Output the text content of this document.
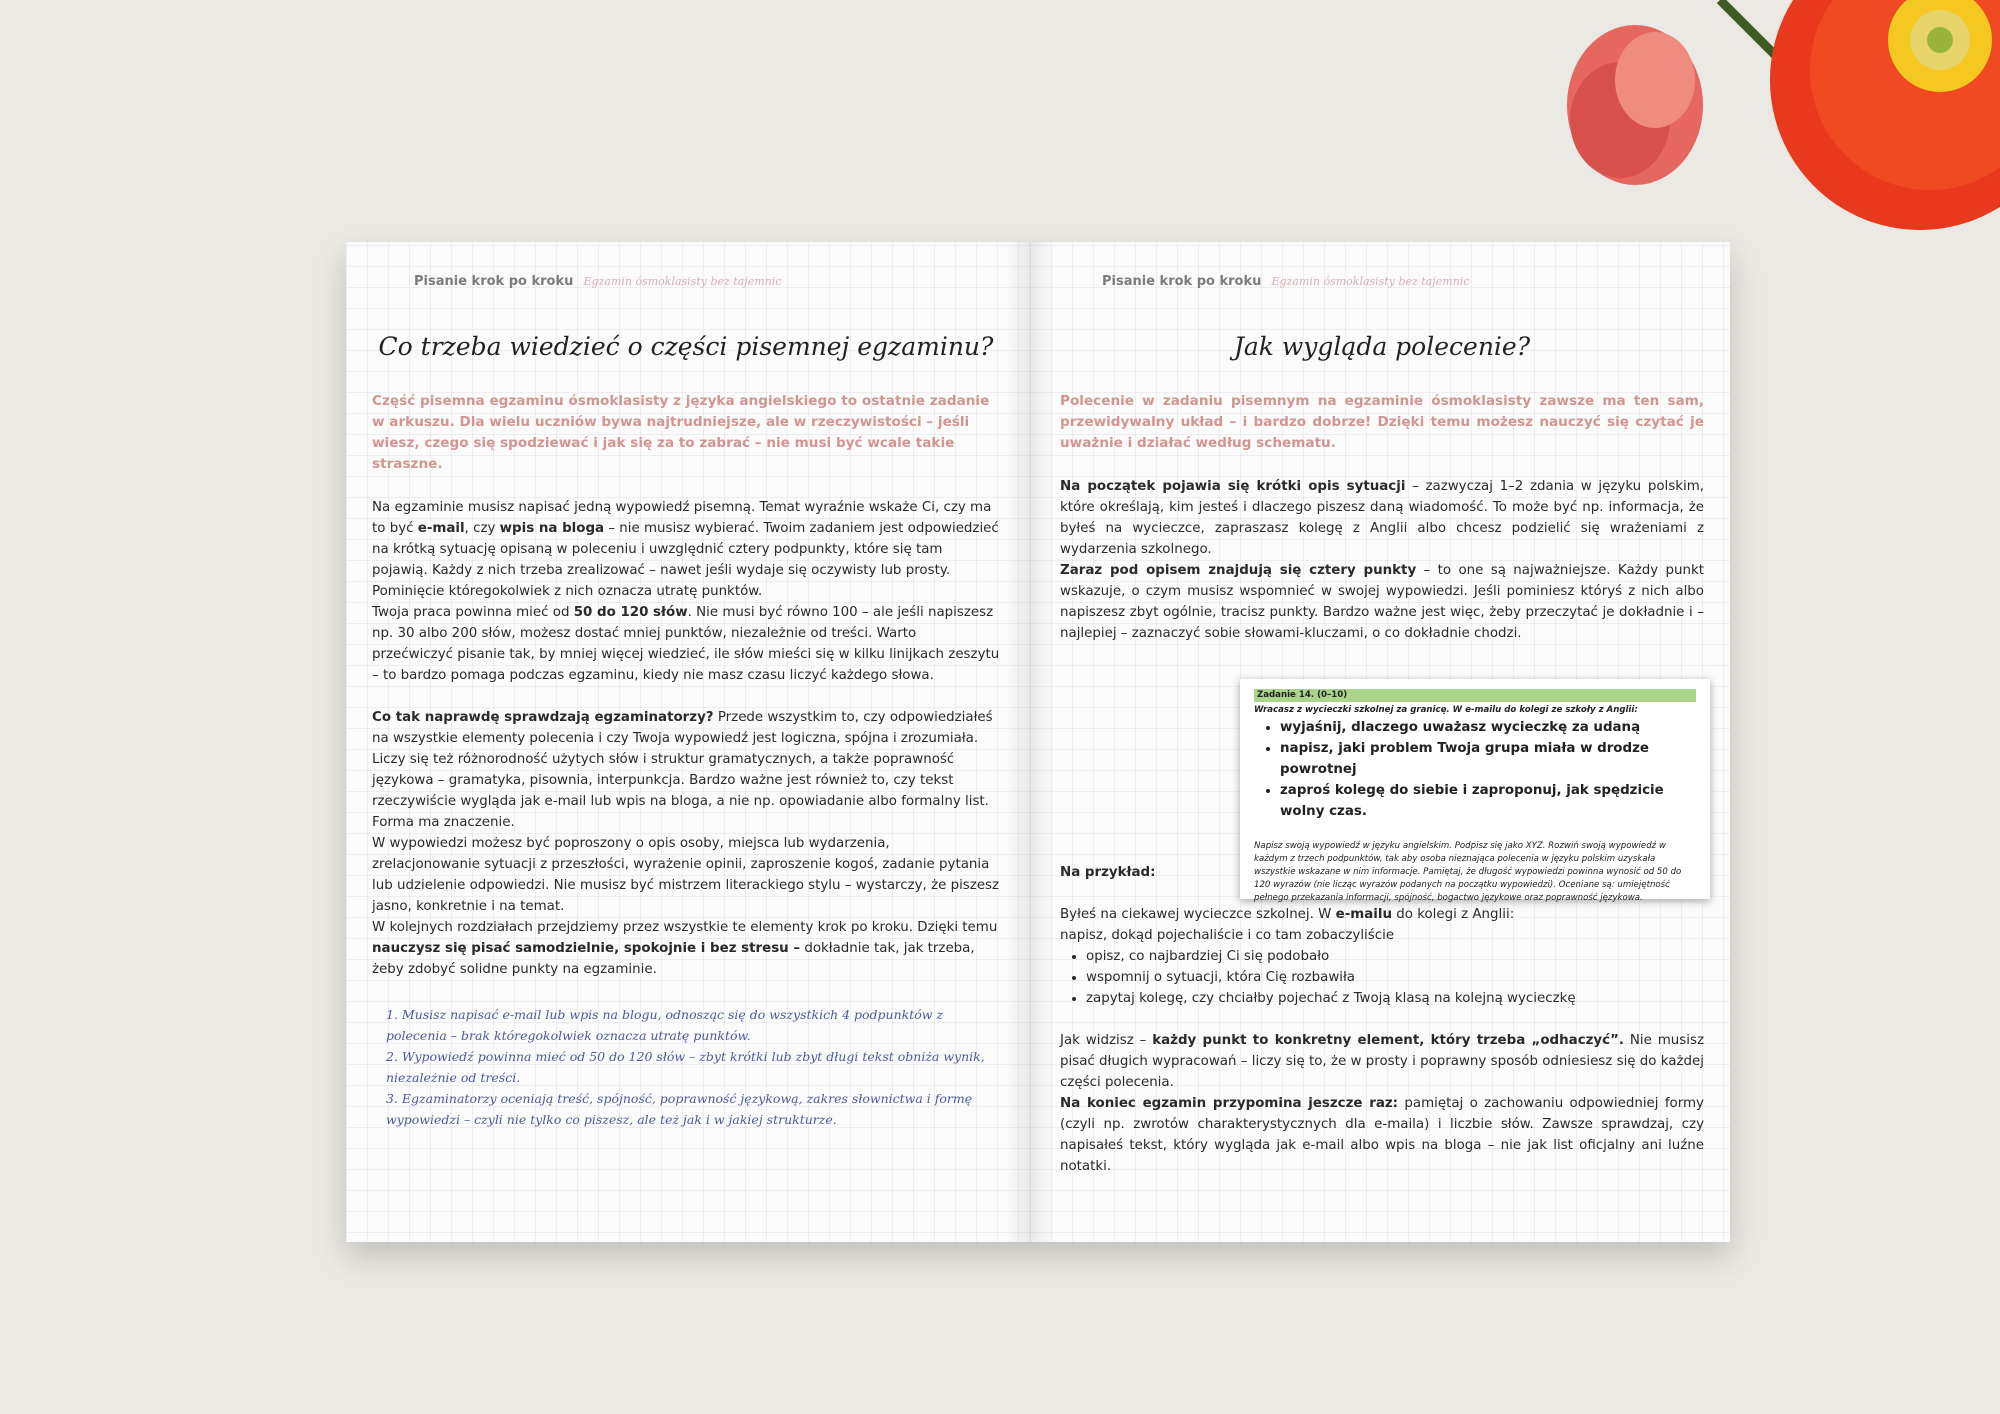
Pisanie krok po kroku Egzamin ósmoklasisty bez tajemnic
Co trzeba wiedzieć o części pisemnej egzaminu?

Część pisemna egzaminu ósmoklasisty z języka angielskiego to ostatnie zadanie w arkuszu. Dla wielu uczniów bywa najtrudniejsze, ale w rzeczywistości – jeśli wiesz, czego się spodziewać i jak się za to zabrać – nie musi być wcale takie straszne.

Na egzaminie musisz napisać jedną wypowiedź pisemną. Temat wyraźnie wskaże Ci, czy ma to być e-mail, czy wpis na bloga – nie musisz wybierać. Twoim zadaniem jest odpowiedzieć na krótką sytuację opisaną w poleceniu i uwzględnić cztery podpunkty, które się tam pojawią. Każdy z nich trzeba zrealizować – nawet jeśli wydaje się oczywisty lub prosty. Pominięcie któregokolwiek z nich oznacza utratę punktów.

Twoja praca powinna mieć od 50 do 120 słów. Nie musi być równo 100 – ale jeśli napiszesz np. 30 albo 200 słów, możesz dostać mniej punktów, niezależnie od treści. Warto przećwiczyć pisanie tak, by mniej więcej wiedzieć, ile słów mieści się w kilku linijkach zeszytu – to bardzo pomaga podczas egzaminu, kiedy nie masz czasu liczyć każdego słowa.

Co tak naprawdę sprawdzają egzaminatorzy? Przede wszystkim to, czy odpowiedziałeś na wszystkie elementy polecenia i czy Twoja wypowiedź jest logiczna, spójna i zrozumiała. Liczy się też różnorodność użytych słów i struktur gramatycznych, a także poprawność językowa – gramatyka, pisownia, interpunkcja. Bardzo ważne jest również to, czy tekst rzeczywiście wygląda jak e-mail lub wpis na bloga, a nie np. opowiadanie albo formalny list. Forma ma znaczenie.

W wypowiedzi możesz być poproszony o opis osoby, miejsca lub wydarzenia, zrelacjonowanie sytuacji z przeszłości, wyrażenie opinii, zaproszenie kogoś, zadanie pytania lub udzielenie odpowiedzi. Nie musisz być mistrzem literackiego stylu – wystarczy, że piszesz jasno, konkretnie i na temat.

W kolejnych rozdziałach przejdziemy przez wszystkie te elementy krok po kroku. Dzięki temu nauczysz się pisać samodzielnie, spokojnie i bez stresu – dokładnie tak, jak trzeba, żeby zdobyć solidne punkty na egzaminie.

1. Musisz napisać e-mail lub wpis na blogu, odnosząc się do wszystkich 4 podpunktów z polecenia – brak któregokolwiek oznacza utratę punktów.
2. Wypowiedź powinna mieć od 50 do 120 słów – zbyt krótki lub zbyt długi tekst obniża wynik, niezależnie od treści.
3. Egzaminatorzy oceniają treść, spójność, poprawność językową, zakres słownictwa i formę wypowiedzi – czyli nie tylko co piszesz, ale też jak i w jakiej strukturze.
Pisanie krok po kroku Egzamin ósmoklasisty bez tajemnic
Jak wygląda polecenie?

Polecenie w zadaniu pisemnym na egzaminie ósmoklasisty zawsze ma ten sam, przewidywalny układ – i bardzo dobrze! Dzięki temu możesz nauczyć się czytać je uważnie i działać według schematu.

Na początek pojawia się krótki opis sytuacji – zazwyczaj 1–2 zdania w języku polskim, które określają, kim jesteś i dlaczego piszesz daną wiadomość. To może być np. informacja, że byłeś na wycieczce, zapraszasz kolegę z Anglii albo chcesz podzielić się wrażeniami z wydarzenia szkolnego.

Zaraz pod opisem znajdują się cztery punkty – to one są najważniejsze. Każdy punkt wskazuje, o czym musisz wspomnieć w swojej wypowiedzi. Jeśli pominiesz któryś z nich albo napiszesz zbyt ogólnie, tracisz punkty. Bardzo ważne jest więc, żeby przeczytać je dokładnie i – najlepiej – zaznaczyć sobie słowami-kluczami, o co dokładnie chodzi.

Na przykład:

Byłeś na ciekawej wycieczce szkolnej. W e-mailu do kolegi z Anglii:

napisz, dokąd pojechaliście i co tam zobaczyliście

• opisz, co najbardziej Ci się podobało
• wspomnij o sytuacji, która Cię rozbawiła
• zapytaj kolegę, czy chciałby pojechać z Twoją klasą na kolejną wycieczkę

Jak widzisz – każdy punkt to konkretny element, który trzeba „odhaczyć”. Nie musisz pisać długich wypracowań – liczy się to, że w prosty i poprawny sposób odniesiesz się do każdej części polecenia.

Na koniec egzamin przypomina jeszcze raz: pamiętaj o zachowaniu odpowiedniej formy (czyli np. zwrotów charakterystycznych dla e-maila) i liczbie słów. Zawsze sprawdzaj, czy napisałeś tekst, który wygląda jak e-mail albo wpis na bloga – nie jak list oficjalny ani luźne notatki.

Zadanie 14. (0–10)
Wracasz z wycieczki szkolnej za granicę. W e-mailu do kolegi ze szkoły z Anglii:
• wyjaśnij, dlaczego uważasz wycieczkę za udaną
• napisz, jaki problem Twoja grupa miała w drodze powrotnej
• zaproś kolegę do siebie i zaproponuj, jak spędzicie wolny czas.
Napisz swoją wypowiedź w języku angielskim. Podpisz się jako XYZ. Rozwiń swoją wypowiedź w każdym z trzech podpunktów, tak aby osoba nieznająca polecenia w języku polskim uzyskała wszystkie wskazane w nim informacje. Pamiętaj, że długość wypowiedzi powinna wynosić od 50 do 120 wyrazów (nie licząc wyrazów podanych na początku wypowiedzi). Oceniane są: umiejętność pełnego przekazania informacji, spójność, bogactwo językowe oraz poprawność językowa.
